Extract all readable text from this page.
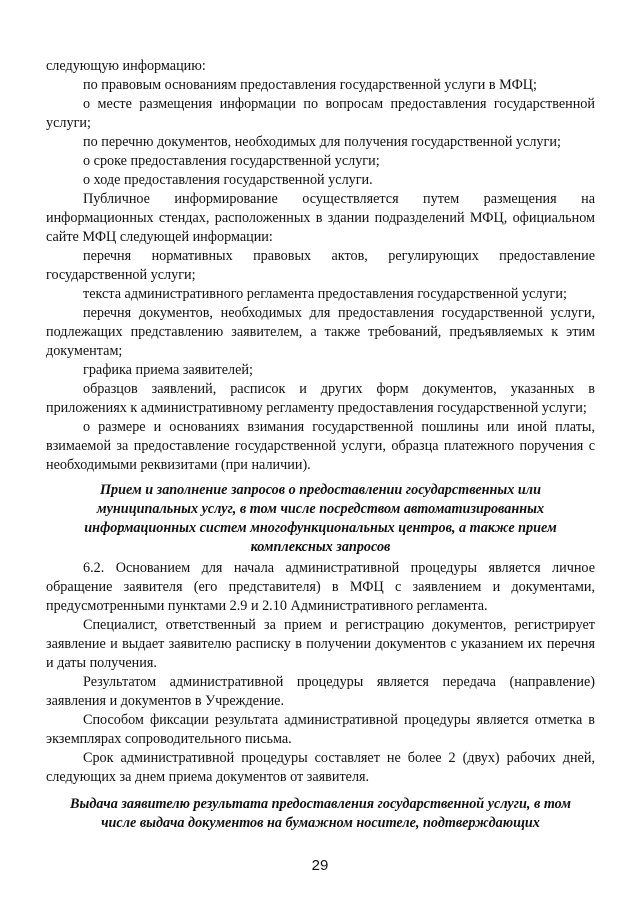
следующую информацию:

по правовым основаниям предоставления государственной услуги в МФЦ;

о месте размещения информации по вопросам предоставления государственной услуги;

по перечню документов, необходимых для получения государственной услуги;

о сроке предоставления государственной услуги;

о ходе предоставления государственной услуги.

Публичное информирование осуществляется путем размещения на информационных стендах, расположенных в здании подразделений МФЦ, официальном сайте МФЦ следующей информации:

перечня нормативных правовых актов, регулирующих предоставление государственной услуги;

текста административного регламента предоставления государственной услуги;

перечня документов, необходимых для предоставления государственной услуги, подлежащих представлению заявителем, а также требований, предъявляемых к этим документам;

графика приема заявителей;

образцов заявлений, расписок и других форм документов, указанных в приложениях к административному регламенту предоставления государственной услуги;

о размере и основаниях взимания государственной пошлины или иной платы, взимаемой за предоставление государственной услуги, образца платежного поручения с необходимыми реквизитами (при наличии).

Прием и заполнение запросов о предоставлении государственных или
муниципальных услуг, в том числе посредством автоматизированных
информационных систем многофункциональных центров, а также прием
комплексных запросов

6.2. Основанием для начала административной процедуры является личное обращение заявителя (его представителя) в МФЦ с заявлением и документами, предусмотренными пунктами 2.9 и 2.10 Административного регламента.

Специалист, ответственный за прием и регистрацию документов, регистрирует заявление и выдает заявителю расписку в получении документов с указанием их перечня и даты получения.

Результатом административной процедуры является передача (направление) заявления и документов в Учреждение.

Способом фиксации результата административной процедуры является отметка в экземплярах сопроводительного письма.

Срок административной процедуры составляет не более 2 (двух) рабочих дней, следующих за днем приема документов от заявителя.

Выдача заявителю результата предоставления государственной услуги, в том
числе выдача документов на бумажном носителе, подтверждающих
29
